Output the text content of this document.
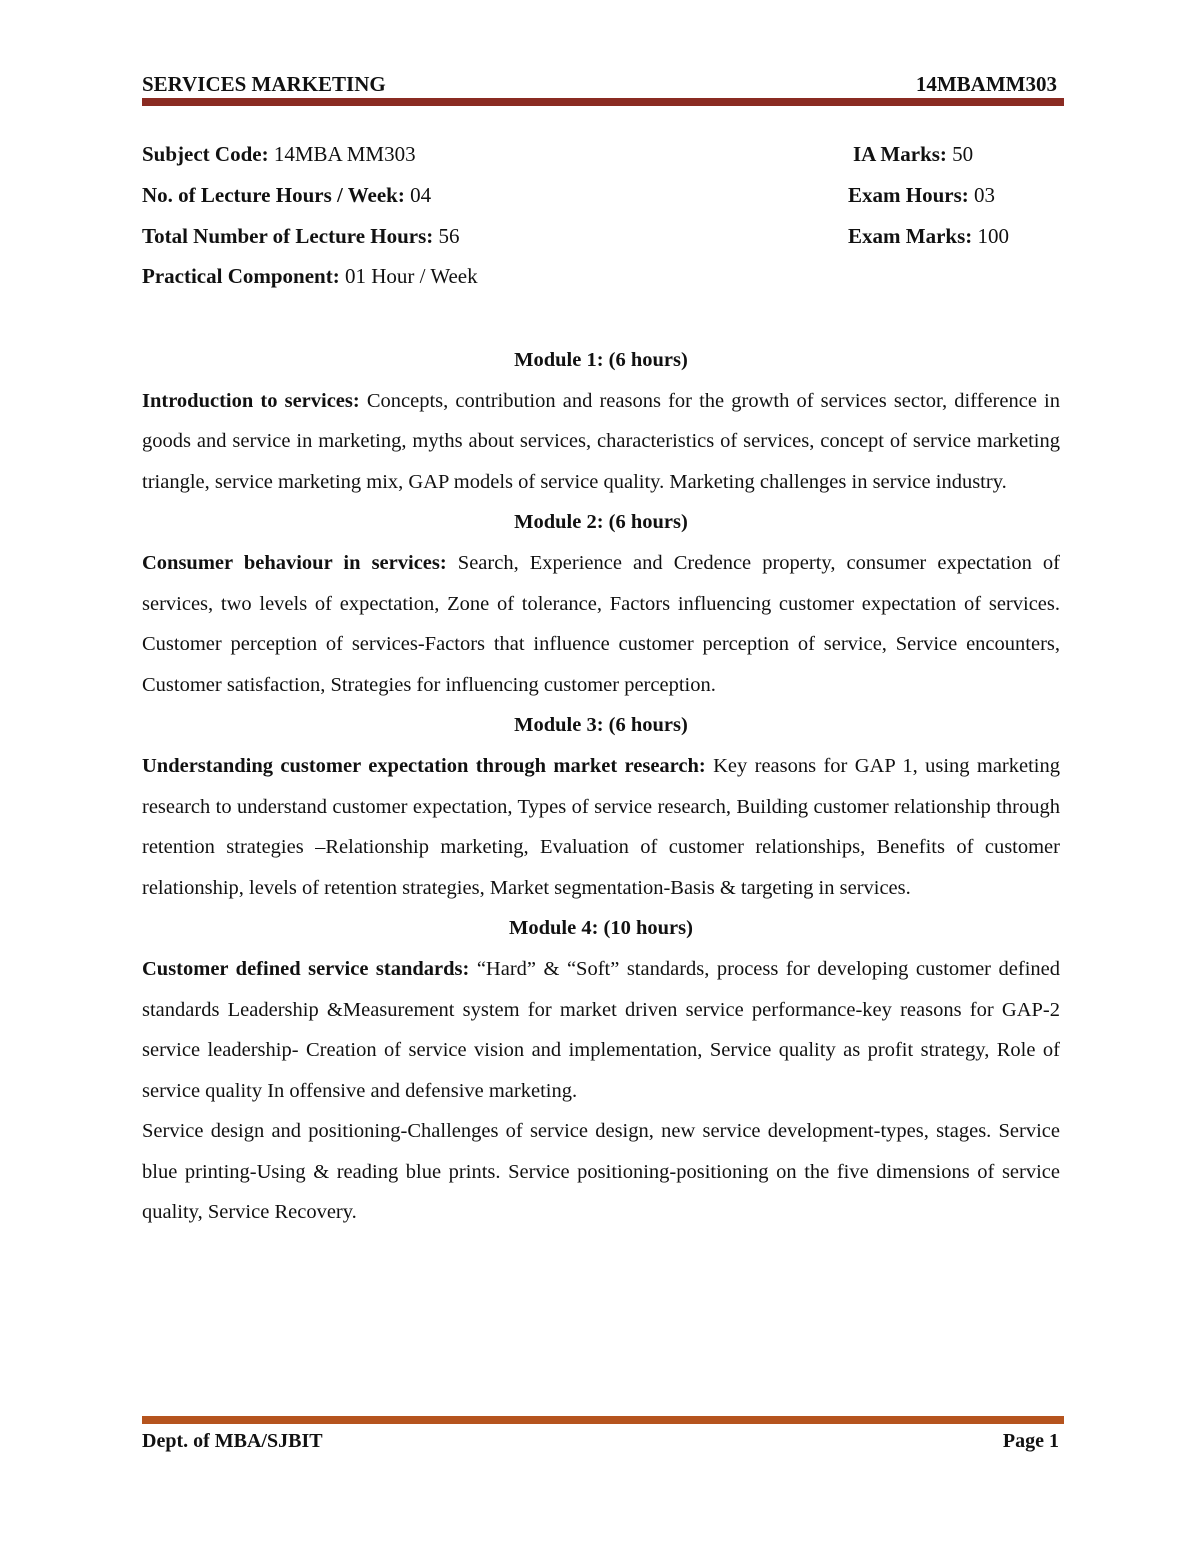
SERVICES MARKETING	14MBAMM303
Subject Code: 14MBA MM303	IA Marks: 50
No. of Lecture Hours / Week: 04	Exam Hours: 03
Total Number of Lecture Hours: 56	Exam Marks: 100
Practical Component: 01 Hour / Week
Module 1: (6 hours)
Introduction to services: Concepts, contribution and reasons for the growth of services sector, difference in goods and service in marketing, myths about services, characteristics of services, concept of service marketing triangle, service marketing mix, GAP models of service quality. Marketing challenges in service industry.
Module 2: (6 hours)
Consumer behaviour in services: Search, Experience and Credence property, consumer expectation of services, two levels of expectation, Zone of tolerance, Factors influencing customer expectation of services. Customer perception of services-Factors that influence customer perception of service, Service encounters, Customer satisfaction, Strategies for influencing customer perception.
Module 3: (6 hours)
Understanding customer expectation through market research: Key reasons for GAP 1, using marketing research to understand customer expectation, Types of service research, Building customer relationship through retention strategies –Relationship marketing, Evaluation of customer relationships, Benefits of customer relationship, levels of retention strategies, Market segmentation-Basis & targeting in services.
Module 4: (10 hours)
Customer defined service standards: “Hard” & “Soft” standards, process for developing customer defined standards Leadership &Measurement system for market driven service performance-key reasons for GAP-2 service leadership- Creation of service vision and implementation, Service quality as profit strategy, Role of service quality In offensive and defensive marketing.
Service design and positioning-Challenges of service design, new service development-types, stages. Service blue printing-Using & reading blue prints. Service positioning-positioning on the five dimensions of service quality, Service Recovery.
Dept. of MBA/SJBIT	Page 1
